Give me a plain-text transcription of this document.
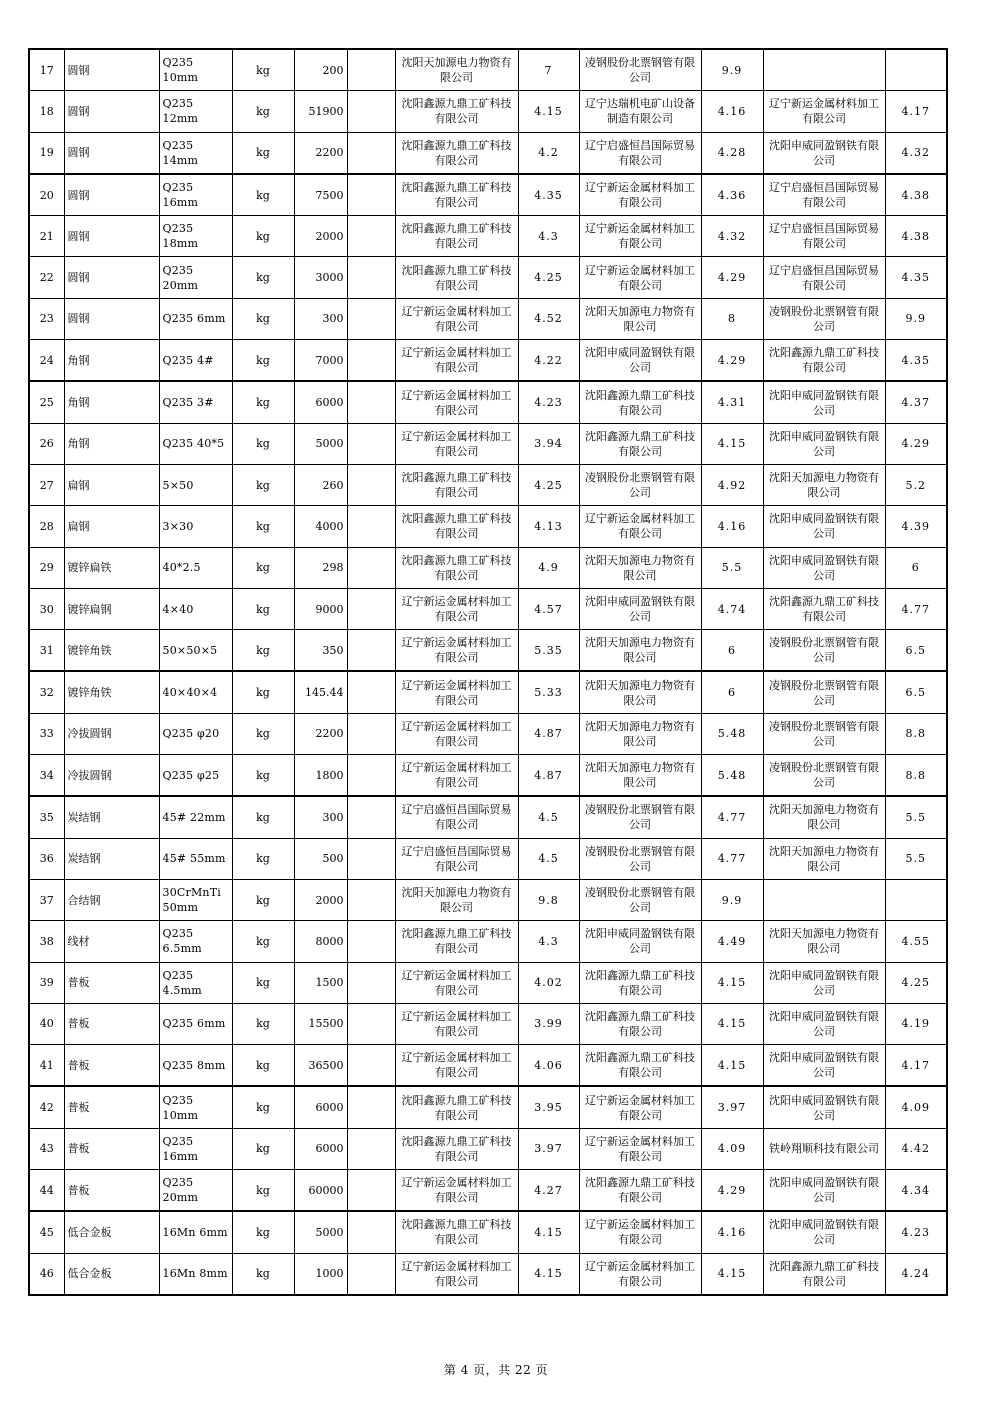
17	圆钢	Q235 10mm	kg	200		沈阳天加源电力物资有限公司	7	凌钢股份北票钢管有限公司	9.9		
18	圆钢	Q235 12mm	kg	51900		沈阳鑫源九鼎工矿科技有限公司	4.15	辽宁达瑞机电矿山设备制造有限公司	4.16	辽宁新运金属材料加工有限公司	4.17
19	圆钢	Q235 14mm	kg	2200		沈阳鑫源九鼎工矿科技有限公司	4.2	辽宁启盛恒昌国际贸易有限公司	4.28	沈阳申威同盈钢铁有限公司	4.32
20	圆钢	Q235 16mm	kg	7500		沈阳鑫源九鼎工矿科技有限公司	4.35	辽宁新运金属材料加工有限公司	4.36	辽宁启盛恒昌国际贸易有限公司	4.38
21	圆钢	Q235 18mm	kg	2000		沈阳鑫源九鼎工矿科技有限公司	4.3	辽宁新运金属材料加工有限公司	4.32	辽宁启盛恒昌国际贸易有限公司	4.38
22	圆钢	Q235 20mm	kg	3000		沈阳鑫源九鼎工矿科技有限公司	4.25	辽宁新运金属材料加工有限公司	4.29	辽宁启盛恒昌国际贸易有限公司	4.35
23	圆钢	Q235 6mm	kg	300		辽宁新运金属材料加工有限公司	4.52	沈阳天加源电力物资有限公司	8	凌钢股份北票钢管有限公司	9.9
24	角钢	Q235 4#	kg	7000		辽宁新运金属材料加工有限公司	4.22	沈阳申威同盈钢铁有限公司	4.29	沈阳鑫源九鼎工矿科技有限公司	4.35
25	角钢	Q235 3#	kg	6000		辽宁新运金属材料加工有限公司	4.23	沈阳鑫源九鼎工矿科技有限公司	4.31	沈阳申威同盈钢铁有限公司	4.37
26	角钢	Q235 40*5	kg	5000		辽宁新运金属材料加工有限公司	3.94	沈阳鑫源九鼎工矿科技有限公司	4.15	沈阳申威同盈钢铁有限公司	4.29
27	扁钢	5×50	kg	260		沈阳鑫源九鼎工矿科技有限公司	4.25	凌钢股份北票钢管有限公司	4.92	沈阳天加源电力物资有限公司	5.2
28	扁钢	3×30	kg	4000		沈阳鑫源九鼎工矿科技有限公司	4.13	辽宁新运金属材料加工有限公司	4.16	沈阳申威同盈钢铁有限公司	4.39
29	镀锌扁铁	40*2.5	kg	298		沈阳鑫源九鼎工矿科技有限公司	4.9	沈阳天加源电力物资有限公司	5.5	沈阳申威同盈钢铁有限公司	6
30	镀锌扁钢	4×40	kg	9000		辽宁新运金属材料加工有限公司	4.57	沈阳申威同盈钢铁有限公司	4.74	沈阳鑫源九鼎工矿科技有限公司	4.77
31	镀锌角铁	50×50×5	kg	350		辽宁新运金属材料加工有限公司	5.35	沈阳天加源电力物资有限公司	6	凌钢股份北票钢管有限公司	6.5
32	镀锌角铁	40×40×4	kg	145.44		辽宁新运金属材料加工有限公司	5.33	沈阳天加源电力物资有限公司	6	凌钢股份北票钢管有限公司	6.5
33	冷拔圆钢	Q235 φ20	kg	2200		辽宁新运金属材料加工有限公司	4.87	沈阳天加源电力物资有限公司	5.48	凌钢股份北票钢管有限公司	8.8
34	冷拔圆钢	Q235 φ25	kg	1800		辽宁新运金属材料加工有限公司	4.87	沈阳天加源电力物资有限公司	5.48	凌钢股份北票钢管有限公司	8.8
35	炭结钢	45# 22mm	kg	300		辽宁启盛恒昌国际贸易有限公司	4.5	凌钢股份北票钢管有限公司	4.77	沈阳天加源电力物资有限公司	5.5
36	炭结钢	45# 55mm	kg	500		辽宁启盛恒昌国际贸易有限公司	4.5	凌钢股份北票钢管有限公司	4.77	沈阳天加源电力物资有限公司	5.5
37	合结钢	30CrMnTi 50mm	kg	2000		沈阳天加源电力物资有限公司	9.8	凌钢股份北票钢管有限公司	9.9		
38	线材	Q235 6.5mm	kg	8000		沈阳鑫源九鼎工矿科技有限公司	4.3	沈阳申威同盈钢铁有限公司	4.49	沈阳天加源电力物资有限公司	4.55
39	普板	Q235 4.5mm	kg	1500		辽宁新运金属材料加工有限公司	4.02	沈阳鑫源九鼎工矿科技有限公司	4.15	沈阳申威同盈钢铁有限公司	4.25
40	普板	Q235 6mm	kg	15500		辽宁新运金属材料加工有限公司	3.99	沈阳鑫源九鼎工矿科技有限公司	4.15	沈阳申威同盈钢铁有限公司	4.19
41	普板	Q235 8mm	kg	36500		辽宁新运金属材料加工有限公司	4.06	沈阳鑫源九鼎工矿科技有限公司	4.15	沈阳申威同盈钢铁有限公司	4.17
42	普板	Q235 10mm	kg	6000		沈阳鑫源九鼎工矿科技有限公司	3.95	辽宁新运金属材料加工有限公司	3.97	沈阳申威同盈钢铁有限公司	4.09
43	普板	Q235 16mm	kg	6000		沈阳鑫源九鼎工矿科技有限公司	3.97	辽宁新运金属材料加工有限公司	4.09	铁岭翔顺科技有限公司	4.42
44	普板	Q235 20mm	kg	60000		辽宁新运金属材料加工有限公司	4.27	沈阳鑫源九鼎工矿科技有限公司	4.29	沈阳申威同盈钢铁有限公司	4.34
45	低合金板	16Mn 6mm	kg	5000		沈阳鑫源九鼎工矿科技有限公司	4.15	辽宁新运金属材料加工有限公司	4.16	沈阳申威同盈钢铁有限公司	4.23
46	低合金板	16Mn 8mm	kg	1000		辽宁新运金属材料加工有限公司	4.15	辽宁新运金属材料加工有限公司	4.15	沈阳鑫源九鼎工矿科技有限公司	4.24
第 4 页，共 22 页
